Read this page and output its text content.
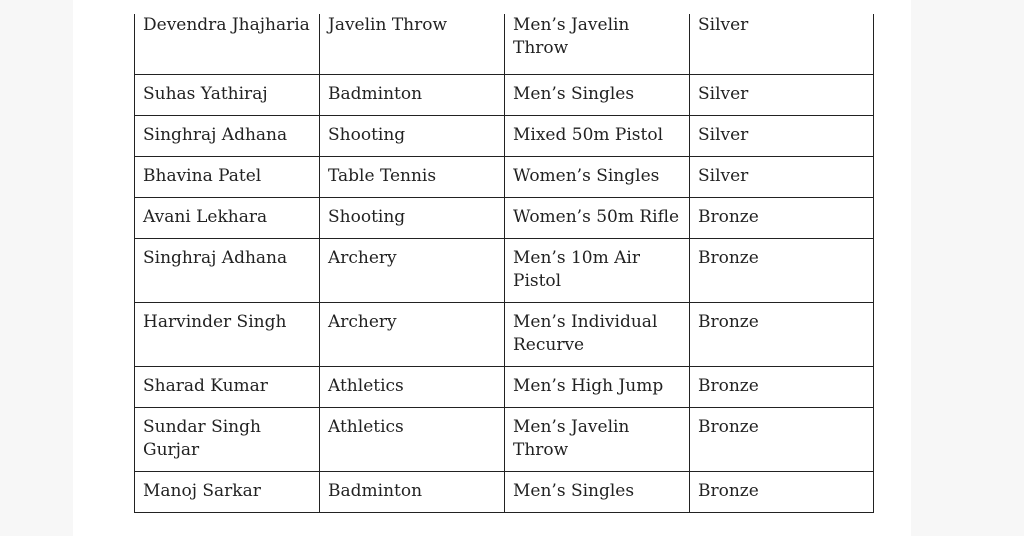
Devendra Jhajharia	Javelin Throw	Men’s Javelin Throw	Silver
Suhas Yathiraj	Badminton	Men’s Singles	Silver
Singhraj Adhana	Shooting	Mixed 50m Pistol	Silver
Bhavina Patel	Table Tennis	Women’s Singles	Silver
Avani Lekhara	Shooting	Women’s 50m Rifle	Bronze
Singhraj Adhana	Archery	Men’s 10m Air Pistol	Bronze
Harvinder Singh	Archery	Men’s Individual Recurve	Bronze
Sharad Kumar	Athletics	Men’s High Jump	Bronze
Sundar Singh Gurjar	Athletics	Men’s Javelin Throw	Bronze
Manoj Sarkar	Badminton	Men’s Singles	Bronze
